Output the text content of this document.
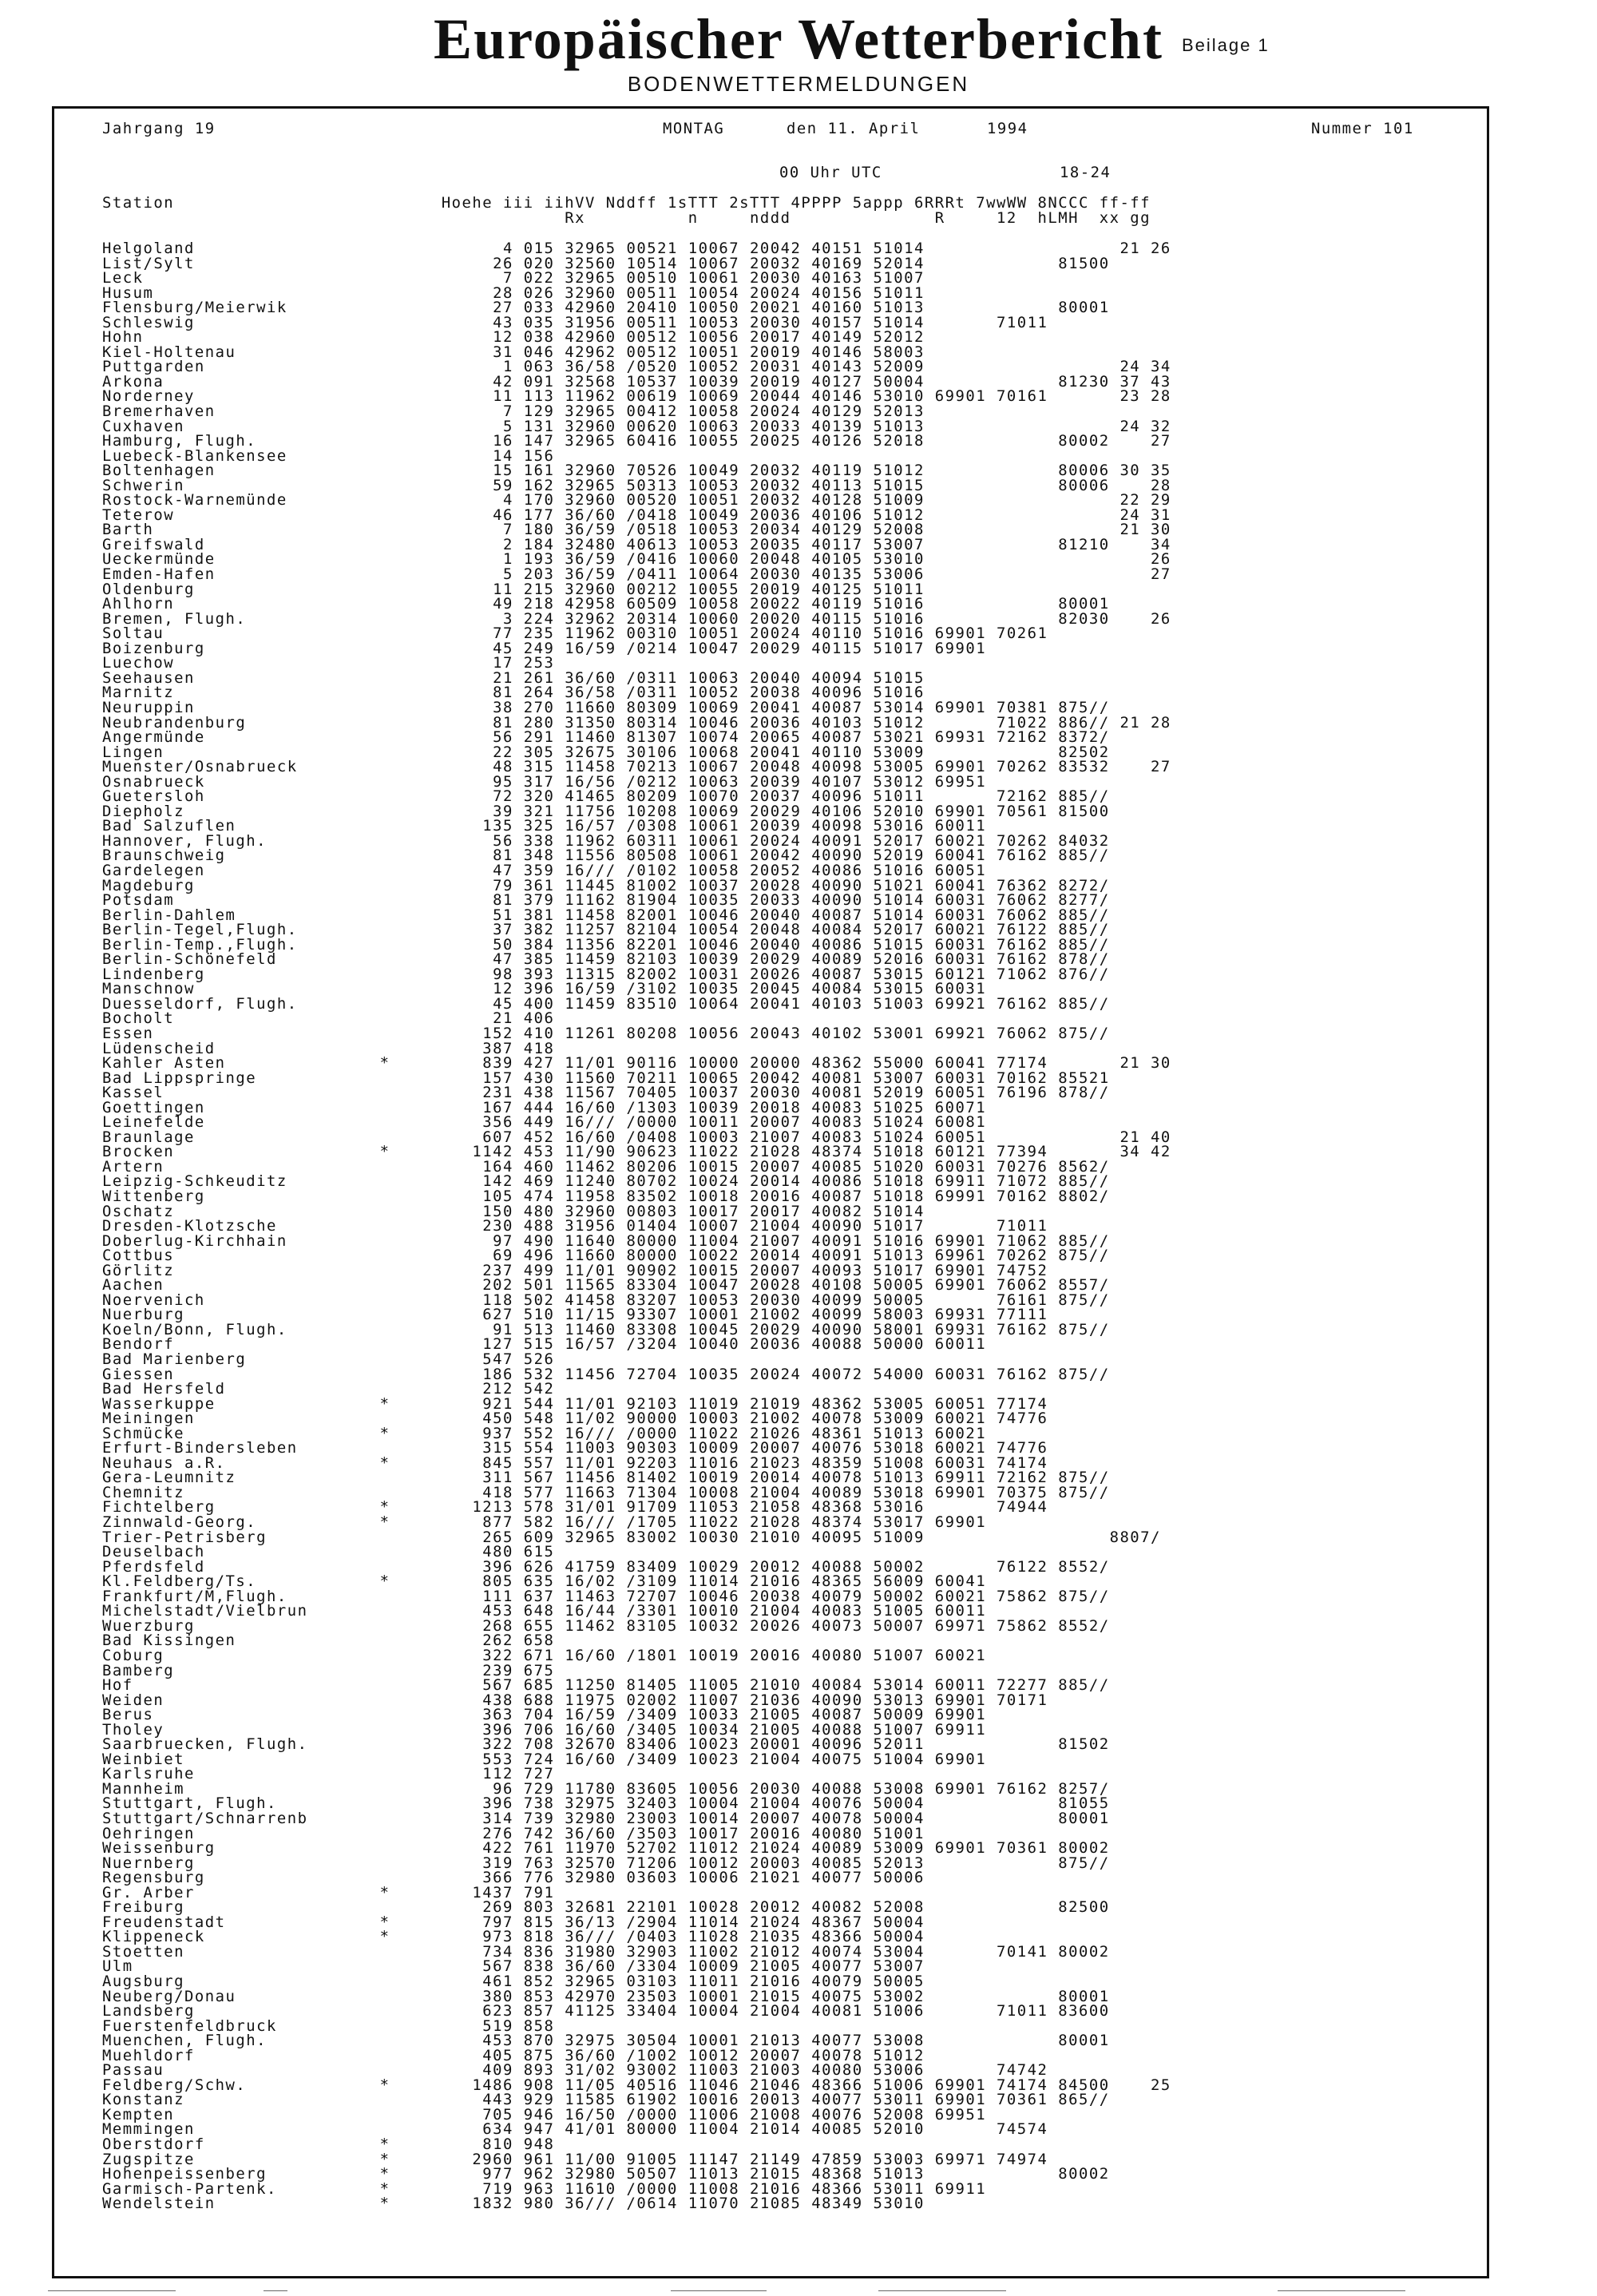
Europäischer Wetterbericht	Beilage 1
BODENWETTERMELDUNGEN
Jahrgang 19	MONTAG	den 11. April	1994	Nummer 101
00 Uhr UTC	18-24
Station                          Hoehe iii iihVV Nddff 1sTTT 2sTTT 4PPPP 5appp 6RRRt 7wwWW 8NCCC ff-ff
Rx          n     nddd              R     12  hLMH  xx gg
Helgoland                              4 015 32965 00521 10067 20042 40151 51014                   21 26
List/Sylt                             26 020 32560 10514 10067 20032 40169 52014             81500
Leck                                   7 022 32965 00510 10061 20030 40163 51007
Husum                                 28 026 32960 00511 10054 20024 40156 51011
Flensburg/Meierwik                    27 033 42960 20410 10050 20021 40160 51013             80001
Schleswig                             43 035 31956 00511 10053 20030 40157 51014       71011
Hohn                                  12 038 42960 00512 10056 20017 40149 52012
Kiel-Holtenau                         31 046 42962 00512 10051 20019 40146 58003
Puttgarden                             1 063 36/58 /0520 10052 20031 40143 52009                   24 34
Arkona                                42 091 32568 10537 10039 20019 40127 50004             81230 37 43
Norderney                             11 113 11962 00619 10069 20044 40146 53010 69901 70161       23 28
Bremerhaven                            7 129 32965 00412 10058 20024 40129 52013
Cuxhaven                               5 131 32960 00620 10063 20033 40139 51013                   24 32
Hamburg, Flugh.                       16 147 32965 60416 10055 20025 40126 52018             80002    27
Luebeck-Blankensee                    14 156
Boltenhagen                           15 161 32960 70526 10049 20032 40119 51012             80006 30 35
Schwerin                              59 162 32965 50313 10053 20032 40113 51015             80006    28
Rostock-Warnemünde                     4 170 32960 00520 10051 20032 40128 51009                   22 29
Teterow                               46 177 36/60 /0418 10049 20036 40106 51012                   24 31
Barth                                  7 180 36/59 /0518 10053 20034 40129 52008                   21 30
Greifswald                             2 184 32480 40613 10053 20035 40117 53007             81210    34
Ueckermünde                            1 193 36/59 /0416 10060 20048 40105 53010                      26
Emden-Hafen                            5 203 36/59 /0411 10064 20030 40135 53006                      27
Oldenburg                             11 215 32960 00212 10055 20019 40125 51011
Ahlhorn                               49 218 42958 60509 10058 20022 40119 51016             80001
Bremen, Flugh.                         3 224 32962 20314 10060 20020 40115 51016             82030    26
Soltau                                77 235 11962 00310 10051 20024 40110 51016 69901 70261
Boizenburg                            45 249 16/59 /0214 10047 20029 40115 51017 69901
Luechow                               17 253
Seehausen                             21 261 36/60 /0311 10063 20040 40094 51015
Marnitz                               81 264 36/58 /0311 10052 20038 40096 51016
Neuruppin                             38 270 11660 80309 10069 20041 40087 53014 69901 70381 875//
Neubrandenburg                        81 280 31350 80314 10046 20036 40103 51012       71022 886// 21 28
Angermünde                            56 291 11460 81307 10074 20065 40087 53021 69931 72162 8372/
Lingen                                22 305 32675 30106 10068 20041 40110 53009             82502
Muenster/Osnabrueck                   48 315 11458 70213 10067 20048 40098 53005 69901 70262 83532    27
Osnabrueck                            95 317 16/56 /0212 10063 20039 40107 53012 69951
Guetersloh                            72 320 41465 80209 10070 20037 40096 51011       72162 885//
Diepholz                              39 321 11756 10208 10069 20029 40106 52010 69901 70561 81500
Bad Salzuflen                        135 325 16/57 /0308 10061 20039 40098 53016 60011
Hannover, Flugh.                      56 338 11962 60311 10061 20024 40091 52017 60021 70262 84032
Braunschweig                          81 348 11556 80508 10061 20042 40090 52019 60041 76162 885//
Gardelegen                            47 359 16/// /0102 10058 20052 40086 51016 60051
Magdeburg                             79 361 11445 81002 10037 20028 40090 51021 60041 76362 8272/
Potsdam                               81 379 11162 81904 10035 20033 40090 51014 60031 76062 8277/
Berlin-Dahlem                         51 381 11458 82001 10046 20040 40087 51014 60031 76062 885//
Berlin-Tegel,Flugh.                   37 382 11257 82104 10054 20048 40084 52017 60021 76122 885//
Berlin-Temp.,Flugh.                   50 384 11356 82201 10046 20040 40086 51015 60031 76162 885//
Berlin-Schönefeld                     47 385 11459 82103 10039 20029 40089 52016 60031 76162 878//
Lindenberg                            98 393 11315 82002 10031 20026 40087 53015 60121 71062 876//
Manschnow                             12 396 16/59 /3102 10035 20045 40084 53015 60031
Duesseldorf, Flugh.                   45 400 11459 83510 10064 20041 40103 51003 69921 76162 885//
Bocholt                               21 406
Essen                                152 410 11261 80208 10056 20043 40102 53001 69921 76062 875//
Lüdenscheid                          387 418
Kahler Asten               *         839 427 11/01 90116 10000 20000 48362 55000 60041 77174       21 30
Bad Lippspringe                      157 430 11560 70211 10065 20042 40081 53007 60031 70162 85521
Kassel                               231 438 11567 70405 10037 20030 40081 52019 60051 76196 878//
Goettingen                           167 444 16/60 /1303 10039 20018 40083 51025 60071
Leinefelde                           356 449 16/// /0000 10011 20007 40083 51024 60081
Braunlage                            607 452 16/60 /0408 10003 21007 40083 51024 60051             21 40
Brocken                    *        1142 453 11/90 90623 11022 21028 48374 51018 60121 77394       34 42
Artern                               164 460 11462 80206 10015 20007 40085 51020 60031 70276 8562/
Leipzig-Schkeuditz                   142 469 11240 80702 10024 20014 40086 51018 69911 71072 885//
Wittenberg                           105 474 11958 83502 10018 20016 40087 51018 69991 70162 8802/
Oschatz                              150 480 32960 00803 10017 20017 40082 51014
Dresden-Klotzsche                    230 488 31956 01404 10007 21004 40090 51017       71011
Doberlug-Kirchhain                    97 490 11640 80000 11004 21007 40091 51016 69901 71062 885//
Cottbus                               69 496 11660 80000 10022 20014 40091 51013 69961 70262 875//
Görlitz                              237 499 11/01 90902 10015 20007 40093 51017 69901 74752
Aachen                               202 501 11565 83304 10047 20028 40108 50005 69901 76062 8557/
Noervenich                           118 502 41458 83207 10053 20030 40099 50005       76161 875//
Nuerburg                             627 510 11/15 93307 10001 21002 40099 58003 69931 77111
Koeln/Bonn, Flugh.                    91 513 11460 83308 10045 20029 40090 58001 69931 76162 875//
Bendorf                              127 515 16/57 /3204 10040 20036 40088 50000 60011
Bad Marienberg                       547 526
Giessen                              186 532 11456 72704 10035 20024 40072 54000 60031 76162 875//
Bad Hersfeld                         212 542
Wasserkuppe                *         921 544 11/01 92103 11019 21019 48362 53005 60051 77174
Meiningen                            450 548 11/02 90000 10003 21002 40078 53009 60021 74776
Schmücke                   *         937 552 16/// /0000 11022 21026 48361 51013 60021
Erfurt-Bindersleben                  315 554 11003 90303 10009 20007 40076 53018 60021 74776
Neuhaus a.R.               *         845 557 11/01 92203 11016 21023 48359 51008 60031 74174
Gera-Leumnitz                        311 567 11456 81402 10019 20014 40078 51013 69911 72162 875//
Chemnitz                             418 577 11663 71304 10008 21004 40089 53018 69901 70375 875//
Fichtelberg                *        1213 578 31/01 91709 11053 21058 48368 53016       74944
Zinnwald-Georg.            *         877 582 16/// /1705 11022 21028 48374 53017 69901
Trier-Petrisberg                     265 609 32965 83002 10030 21010 40095 51009                  8807/
Deuselbach                           480 615
Pferdsfeld                           396 626 41759 83409 10029 20012 40088 50002       76122 8552/
Kl.Feldberg/Ts.            *         805 635 16/02 /3109 11014 21016 48365 56009 60041
Frankfurt/M,Flugh.                   111 637 11463 72707 10046 20038 40079 50002 60021 75862 875//
Michelstadt/Vielbrun                 453 648 16/44 /3301 10010 21004 40083 51005 60011
Wuerzburg                            268 655 11462 83105 10032 20026 40073 50007 69971 75862 8552/
Bad Kissingen                        262 658
Coburg                               322 671 16/60 /1801 10019 20016 40080 51007 60021
Bamberg                              239 675
Hof                                  567 685 11250 81405 11005 21010 40084 53014 60011 72277 885//
Weiden                               438 688 11975 02002 11007 21036 40090 53013 69901 70171
Berus                                363 704 16/59 /3409 10033 21005 40087 50009 69901
Tholey                               396 706 16/60 /3405 10034 21005 40088 51007 69911
Saarbruecken, Flugh.                 322 708 32670 83406 10023 20001 40096 52011             81502
Weinbiet                             553 724 16/60 /3409 10023 21004 40075 51004 69901
Karlsruhe                            112 727
Mannheim                              96 729 11780 83605 10056 20030 40088 53008 69901 76162 8257/
Stuttgart, Flugh.                    396 738 32975 32403 10004 21004 40076 50004             81055
Stuttgart/Schnarrenb                 314 739 32980 23003 10014 20007 40078 50004             80001
Oehringen                            276 742 36/60 /3503 10017 20016 40080 51001
Weissenburg                          422 761 11970 52702 11012 21024 40089 53009 69901 70361 80002
Nuernberg                            319 763 32570 71206 10012 20003 40085 52013             875//
Regensburg                           366 776 32980 03603 10006 21021 40077 50006
Gr. Arber                  *        1437 791
Freiburg                             269 803 32681 22101 10028 20012 40082 52008             82500
Freudenstadt               *         797 815 36/13 /2904 11014 21024 48367 50004
Klippeneck                 *         973 818 36/// /0403 11028 21035 48366 50004
Stoetten                             734 836 31980 32903 11002 21012 40074 53004       70141 80002
Ulm                                  567 838 36/60 /3304 10009 21005 40077 53007
Augsburg                             461 852 32965 03103 11011 21016 40079 50005
Neuberg/Donau                        380 853 42970 23503 10001 21015 40075 53002             80001
Landsberg                            623 857 41125 33404 10004 21004 40081 51006       71011 83600
Fuerstenfeldbruck                    519 858
Muenchen, Flugh.                     453 870 32975 30504 10001 21013 40077 53008             80001
Muehldorf                            405 875 36/60 /1002 10012 20007 40078 51012
Passau                               409 893 31/02 93002 11003 21003 40080 53006       74742
Feldberg/Schw.             *        1486 908 11/05 40516 11046 21046 48366 51006 69901 74174 84500    25
Konstanz                             443 929 11585 61902 10016 20013 40077 53011 69901 70361 865//
Kempten                              705 946 16/50 /0000 11006 21008 40076 52008 69951
Memmingen                            634 947 41/01 80000 11004 21014 40085 52010       74574
Oberstdorf                 *         810 948
Zugspitze                  *        2960 961 11/00 91005 11147 21149 47859 53003 69971 74974
Hohenpeissenberg           *         977 962 32980 50507 11013 21015 48368 51013             80002
Garmisch-Partenk.          *         719 963 11610 /0000 11008 21016 48366 53011 69911
Wendelstein                *        1832 980 36/// /0614 11070 21085 48349 53010
